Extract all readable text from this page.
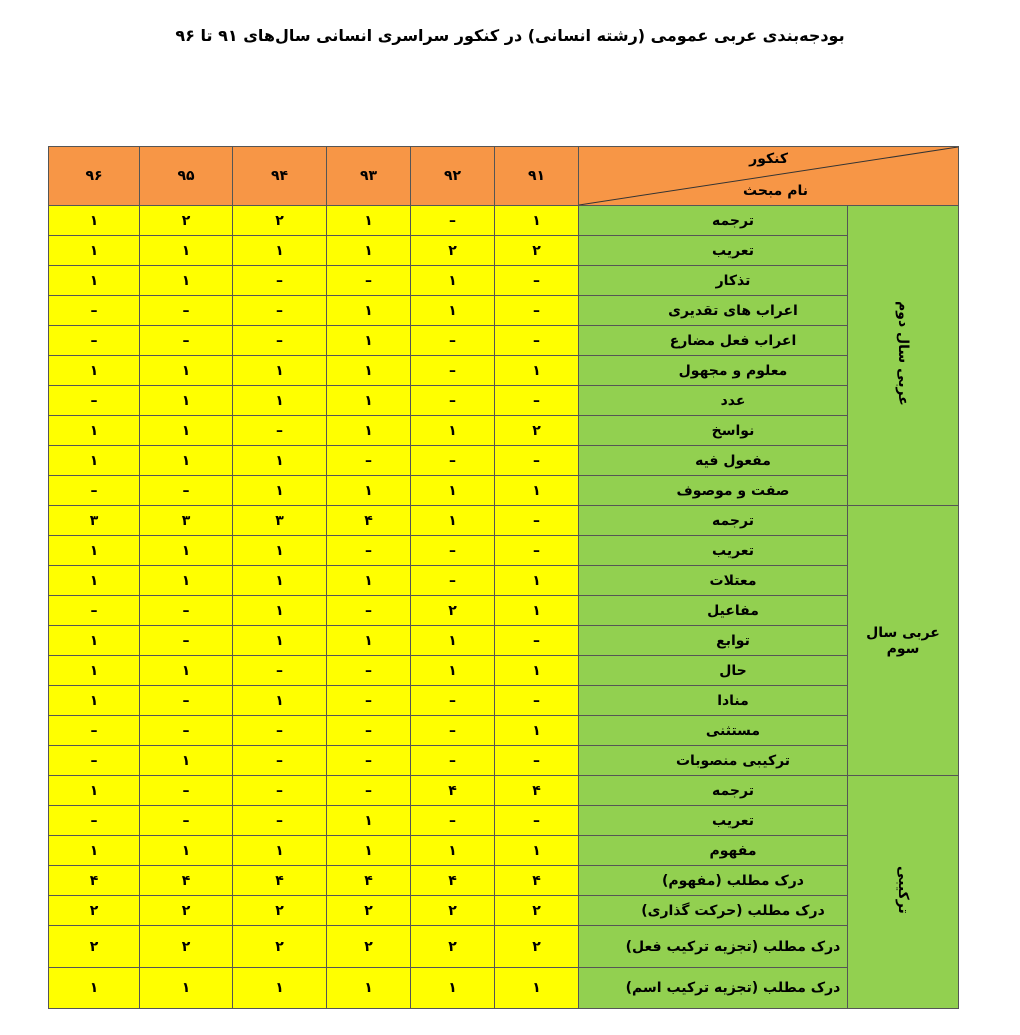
بودجه‌بندی عربی عمومی (رشته انسانی) در کنکور سراسری انسانی سال‌های ۹۱ تا ۹۶
کنکور
نام مبحث		۹۱	۹۲	۹۳	۹۴	۹۵	۹۶
عربی سال دوم	ترجمه	۱	–	۱	۲	۲	۱

	تعریب	۲	۲	۱	۱	۱	۱

	تذکار	–	۱	–	–	۱	۱

	اعراب های تقدیری	–	۱	۱	–	–	–

	اعراب فعل مضارع	–	–	۱	–	–	–

	معلوم و مجهول	۱	–	۱	۱	۱	۱

	عدد	–	–	۱	۱	۱	–

	نواسخ	۲	۱	۱	–	۱	۱

	مفعول فیه	–	–	–	۱	۱	۱

	صفت و موصوف	۱	۱	۱	۱	–	–
عربی سال سوم	ترجمه	–	۱	۴	۳	۳	۳

	تعریب	–	–	–	۱	۱	۱

	معتلات	۱	–	۱	۱	۱	۱

	مفاعیل	۱	۲	–	۱	–	–

	توابع	–	۱	۱	۱	–	۱

	حال	۱	۱	–	–	۱	۱

	منادا	–	–	–	۱	–	۱

	مستثنی	۱	–	–	–	–	–

	ترکیبی منصوبات	–	–	–	–	۱	–
ترکیبی	ترجمه	۴	۴	–	–	–	۱

	تعریب	–	–	۱	–	–	–

	مفهوم	۱	۱	۱	۱	۱	۱

	درک مطلب (مفهوم)	۴	۴	۴	۴	۴	۴

	درک مطلب (حرکت گذاری)	۲	۲	۲	۲	۲	۲

	درک مطلب (تجزیه ترکیب فعل)	۲	۲	۲	۲	۲	۲

	درک مطلب (تجزیه ترکیب اسم)	۱	۱	۱	۱	۱	۱
